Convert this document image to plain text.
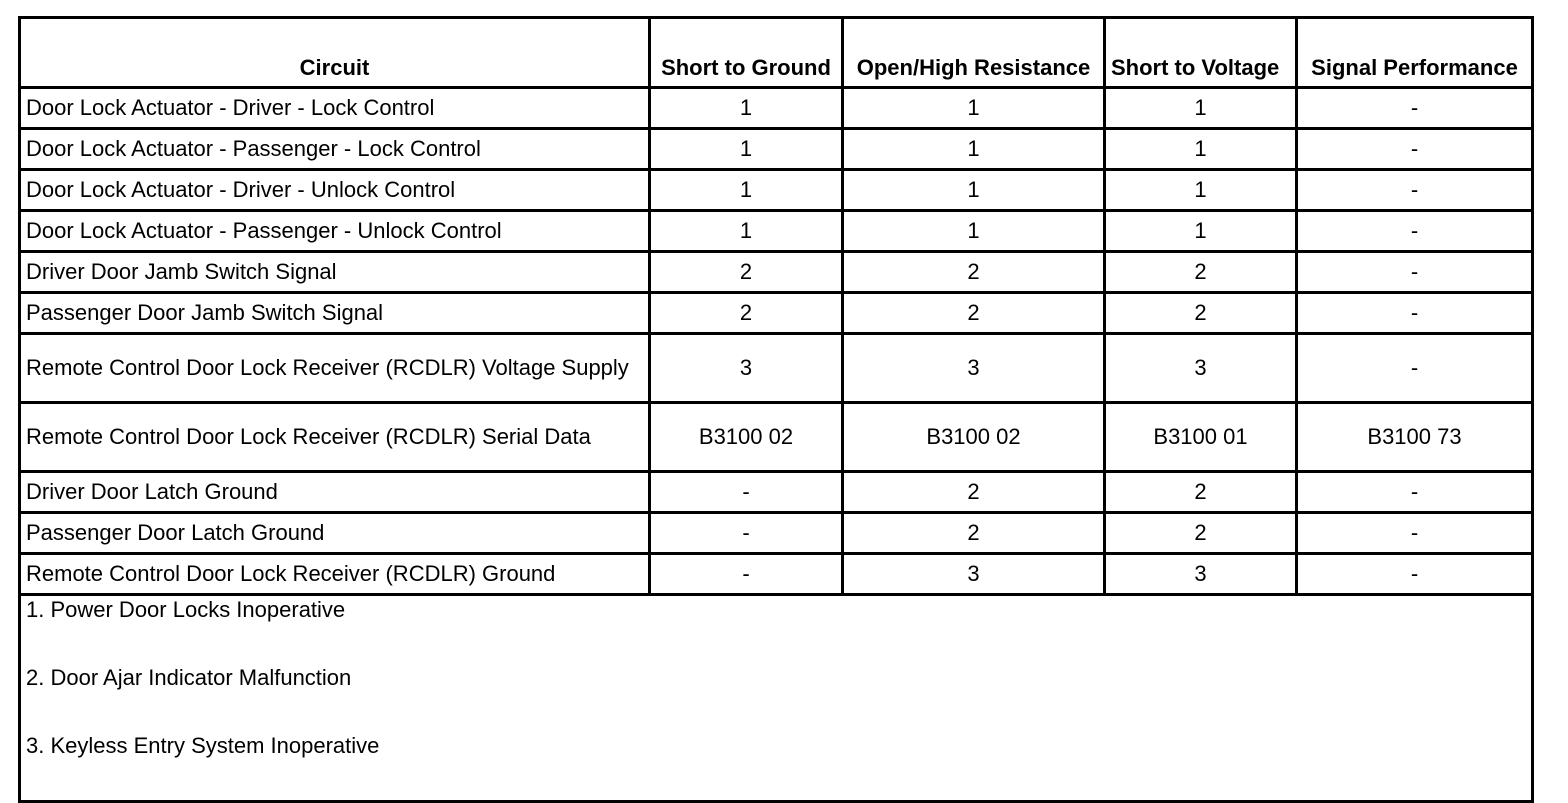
Circuit	Short to Ground	Open/High Resistance	Short to Voltage	Signal Performance
Door Lock Actuator - Driver - Lock Control	1	1	1	-
Door Lock Actuator - Passenger - Lock Control	1	1	1	-
Door Lock Actuator - Driver - Unlock Control	1	1	1	-
Door Lock Actuator - Passenger - Unlock Control	1	1	1	-
Driver Door Jamb Switch Signal	2	2	2	-
Passenger Door Jamb Switch Signal	2	2	2	-
Remote Control Door Lock Receiver (RCDLR) Voltage Supply	3	3	3	-
Remote Control Door Lock Receiver (RCDLR) Serial Data	B3100 02	B3100 02	B3100 01	B3100 73
Driver Door Latch Ground	-	2	2	-
Passenger Door Latch Ground	-	2	2	-
Remote Control Door Lock Receiver (RCDLR) Ground	-	3	3	-

1. Power Door Locks Inoperative
2. Door Ajar Indicator Malfunction
3. Keyless Entry System Inoperative				
